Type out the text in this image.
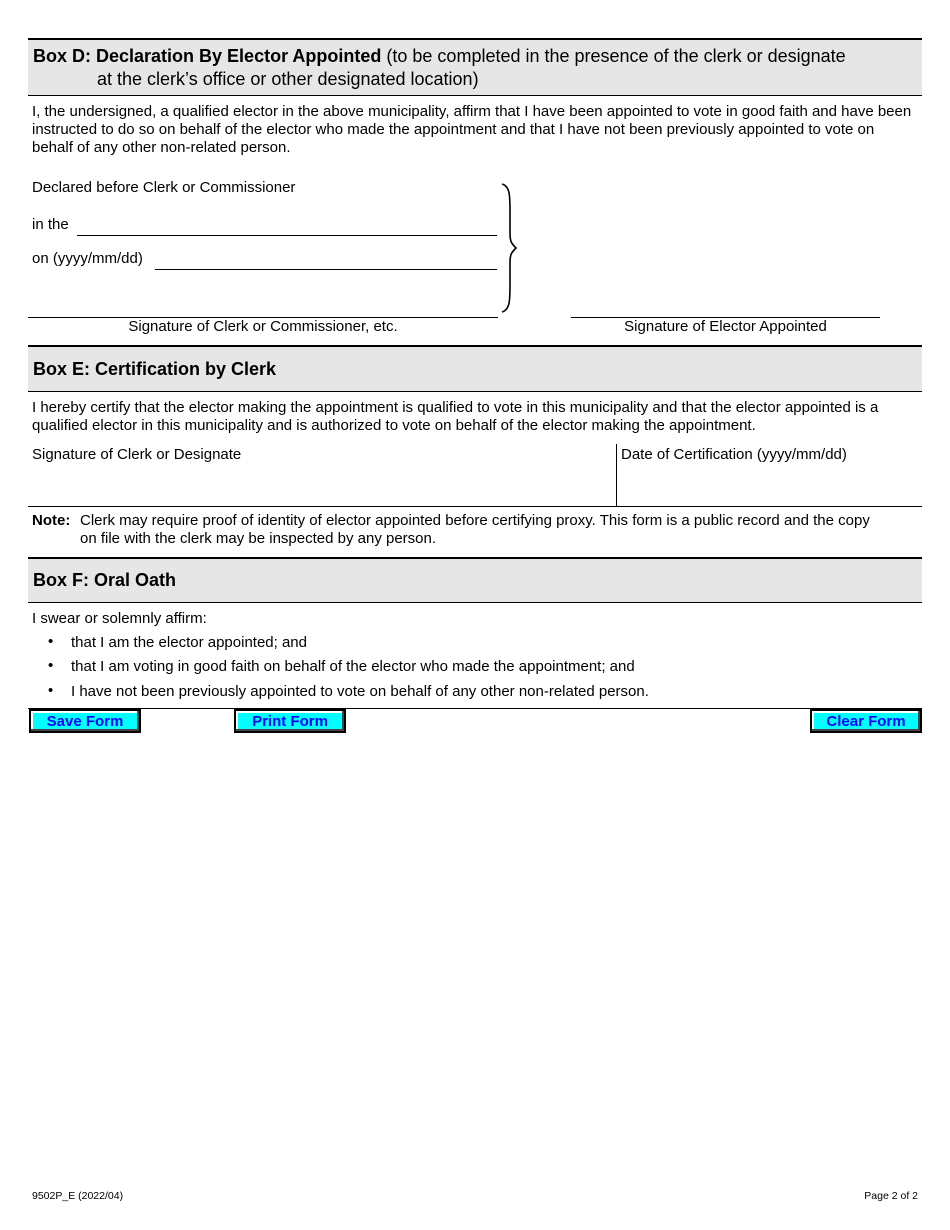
Box D: Declaration By Elector Appointed (to be completed in the presence of the clerk or designate
at the clerk’s office or other designated location)
I, the undersigned, a qualified elector in the above municipality, affirm that I have been appointed to vote in good faith and have been instructed to do so on behalf of the elector who made the appointment and that I have not been previously appointed to vote on behalf of any other non-related person.
Declared before Clerk or Commissioner
in the
on (yyyy/mm/dd)
Signature of Clerk or Commissioner, etc.	Signature of Elector Appointed
Box E: Certification by Clerk
I hereby certify that the elector making the appointment is qualified to vote in this municipality and that the elector appointed is a qualified elector in this municipality and is authorized to vote on behalf of the elector making the appointment.
Signature of Clerk or Designate	Date of Certification (yyyy/mm/dd)
Note: Clerk may require proof of identity of elector appointed before certifying proxy. This form is a public record and the copy
on file with the clerk may be inspected by any person.
Box F: Oral Oath
I swear or solemnly affirm:
• that I am the elector appointed; and
• that I am voting in good faith on behalf of the elector who made the appointment; and
• I have not been previously appointed to vote on behalf of any other non-related person.
Save Form	Print Form	Clear Form
9502P_E (2022/04)	Page 2 of 2
